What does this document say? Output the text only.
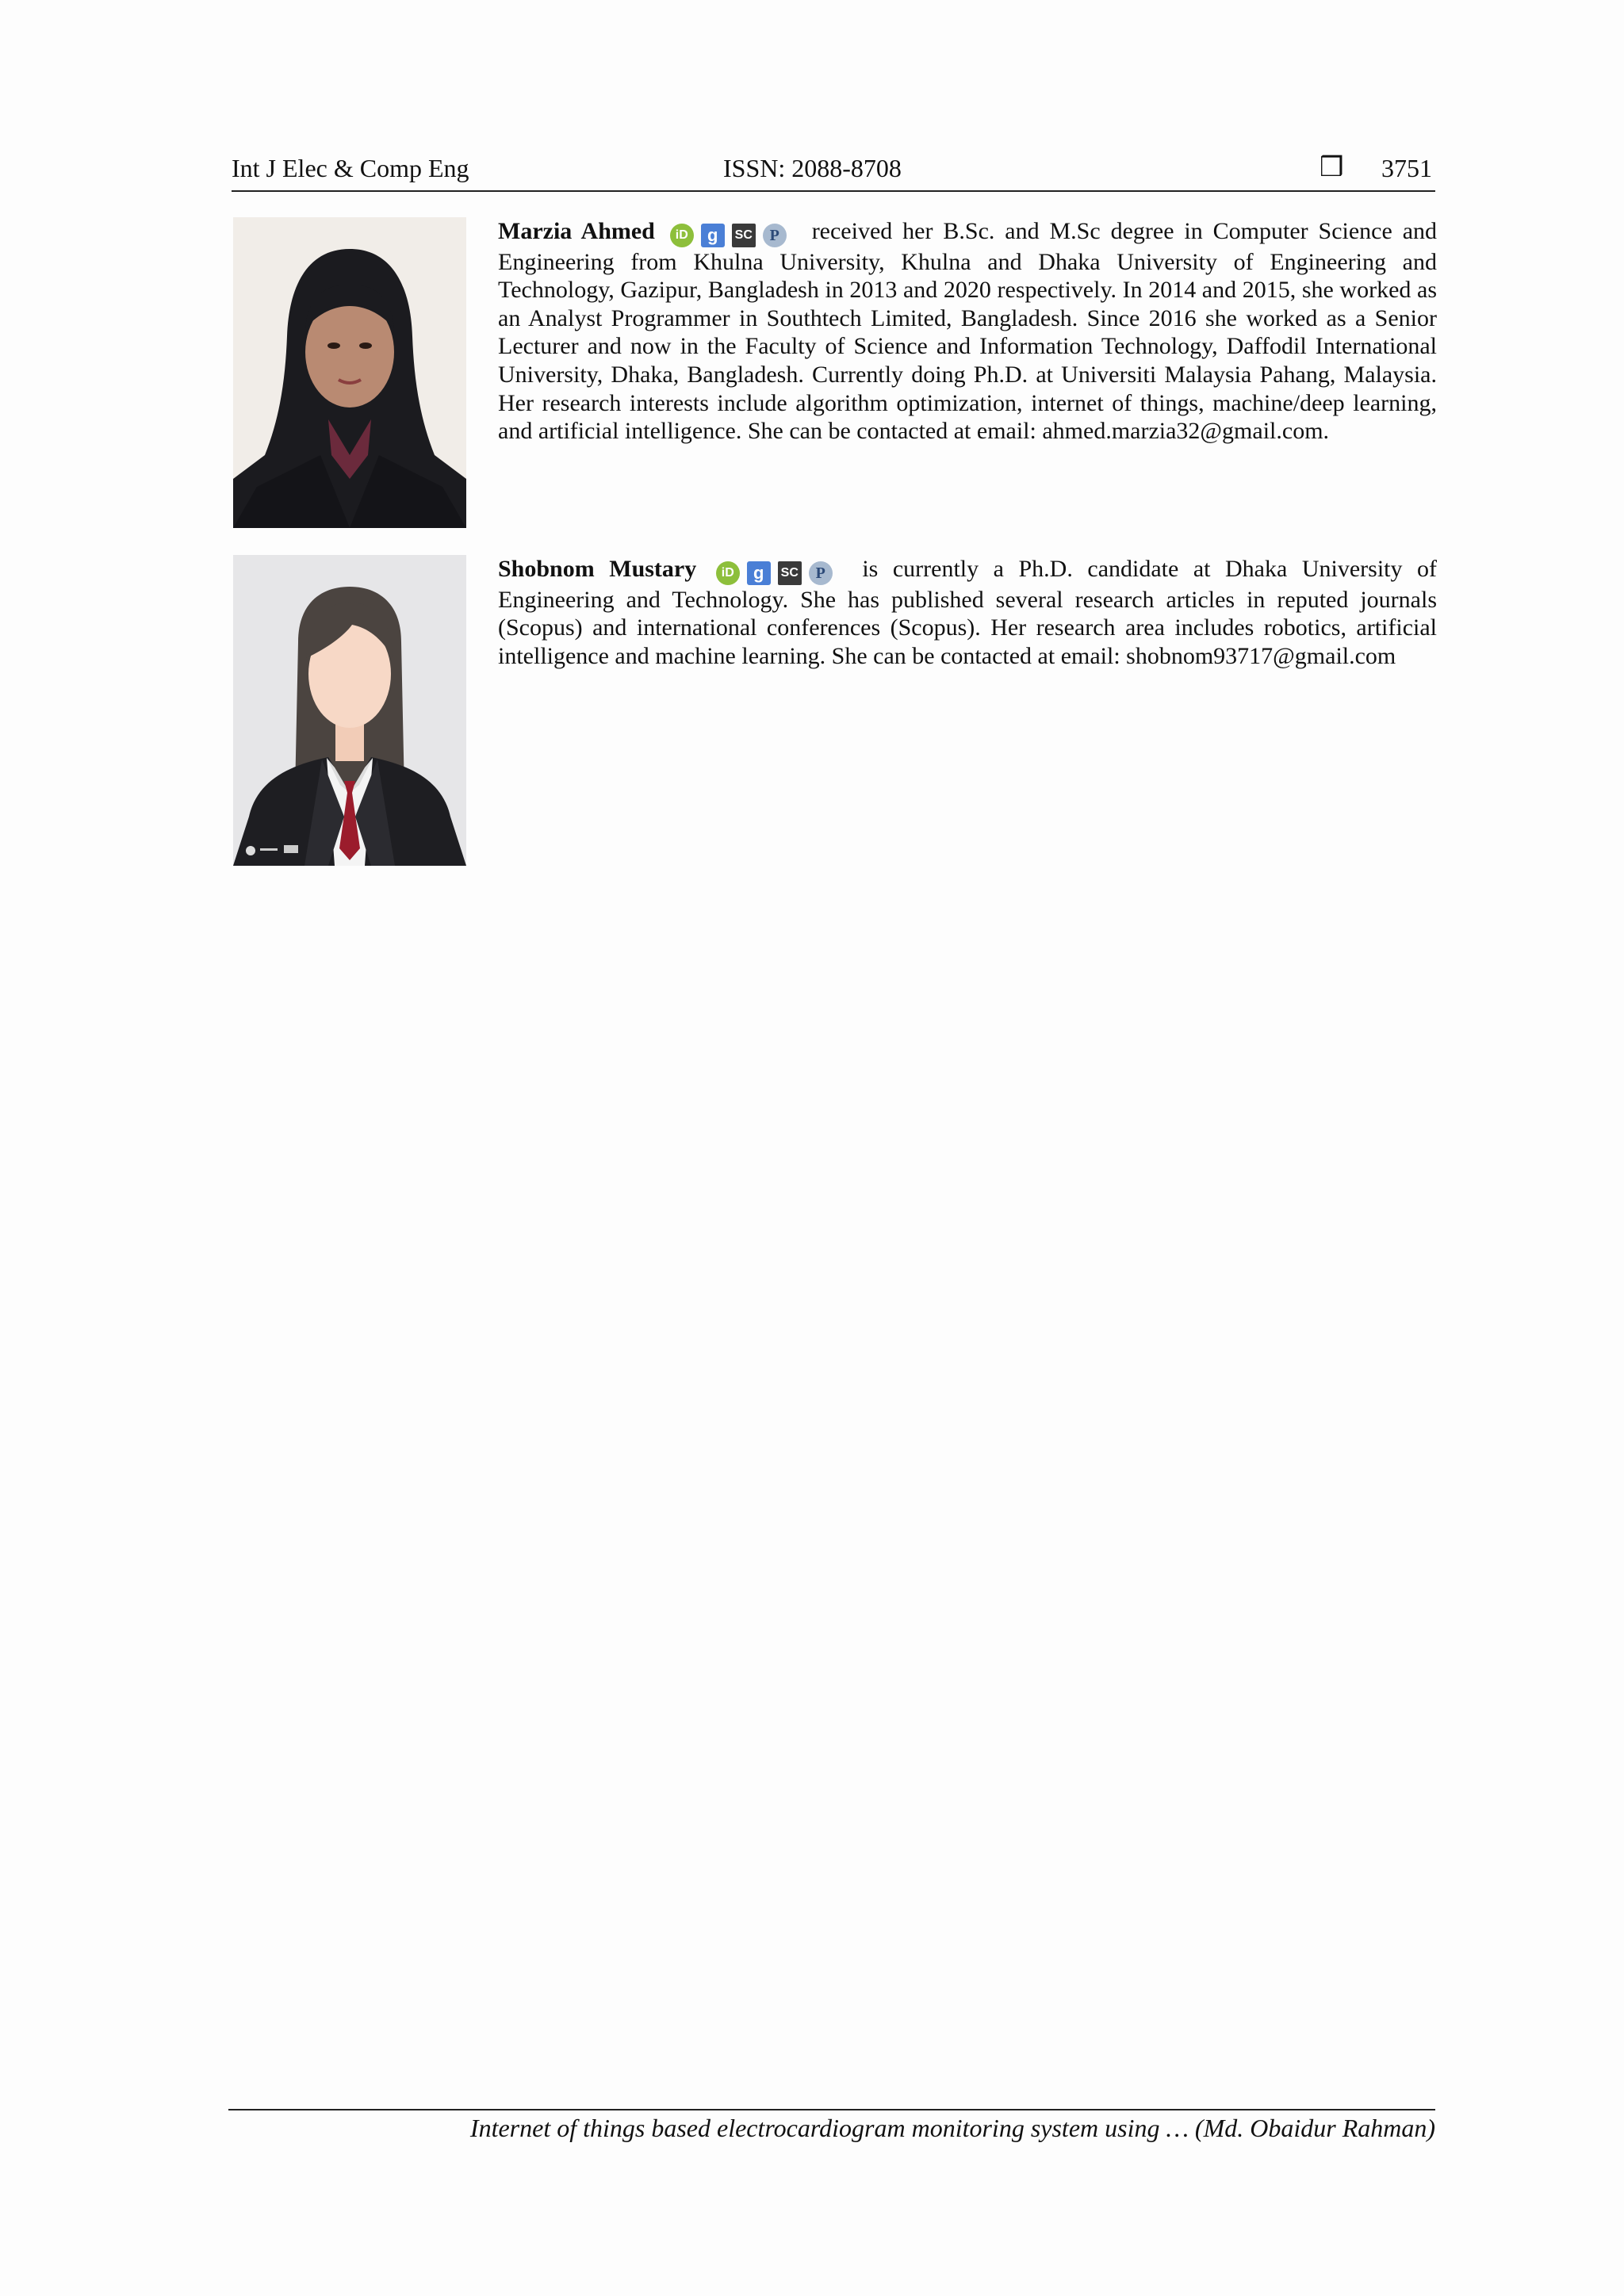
Int J Elec & Comp Eng	ISSN: 2088-8708	❒ 3751
Marzia Ahmed iD g SC P received her B.Sc. and M.Sc degree in Computer Science and Engineering from Khulna University, Khulna and Dhaka University of Engineering and Technology, Gazipur, Bangladesh in 2013 and 2020 respectively. In 2014 and 2015, she worked as an Analyst Programmer in Southtech Limited, Bangladesh. Since 2016 she worked as a Senior Lecturer and now in the Faculty of Science and Information Technology, Daffodil International University, Dhaka, Bangladesh. Currently doing Ph.D. at Universiti Malaysia Pahang, Malaysia. Her research interests include algorithm optimization, internet of things, machine/deep learning, and artificial intelligence. She can be contacted at email: ahmed.marzia32@gmail.com.
Shobnom Mustary iD g SC P is currently a Ph.D. candidate at Dhaka University of Engineering and Technology. She has published several research articles in reputed journals (Scopus) and international conferences (Scopus). Her research area includes robotics, artificial intelligence and machine learning. She can be contacted at email: shobnom93717@gmail.com
Internet of things based electrocardiogram monitoring system using … (Md. Obaidur Rahman)
